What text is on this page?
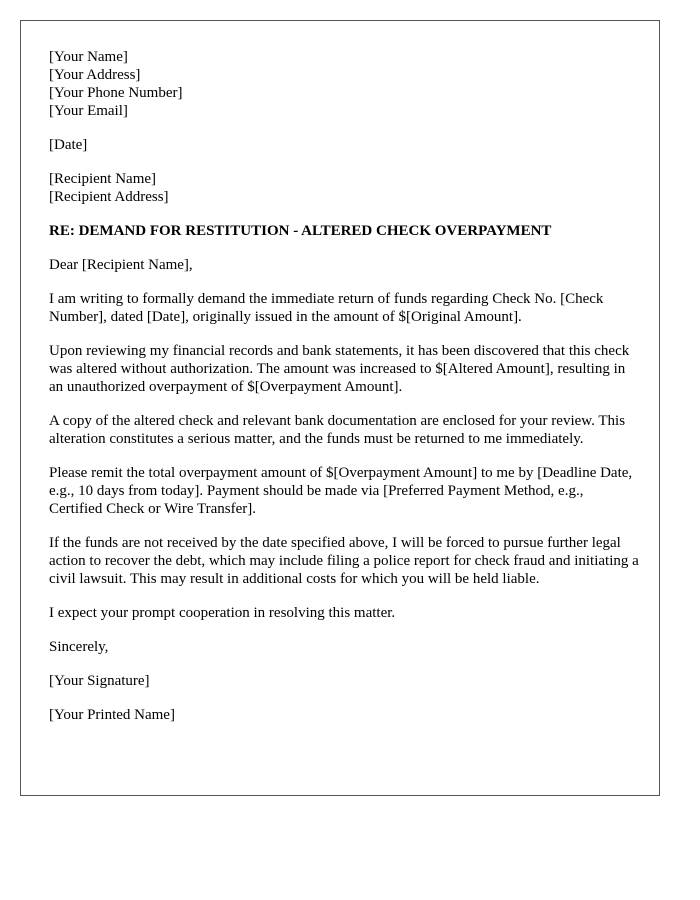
[Your Name]
[Your Address]
[Your Phone Number]
[Your Email]
[Date]
[Recipient Name]
[Recipient Address]
RE: DEMAND FOR RESTITUTION - ALTERED CHECK OVERPAYMENT

Dear [Recipient Name],

I am writing to formally demand the immediate return of funds regarding Check No. [Check Number], dated [Date], originally issued in the amount of $[Original Amount].

Upon reviewing my financial records and bank statements, it has been discovered that this check was altered without authorization. The amount was increased to $[Altered Amount], resulting in an unauthorized overpayment of $[Overpayment Amount].

A copy of the altered check and relevant bank documentation are enclosed for your review. This alteration constitutes a serious matter, and the funds must be returned to me immediately.

Please remit the total overpayment amount of $[Overpayment Amount] to me by [Deadline Date, e.g., 10 days from today]. Payment should be made via [Preferred Payment Method, e.g., Certified Check or Wire Transfer].

If the funds are not received by the date specified above, I will be forced to pursue further legal action to recover the debt, which may include filing a police report for check fraud and initiating a civil lawsuit. This may result in additional costs for which you will be held liable.

I expect your prompt cooperation in resolving this matter.

Sincerely,

[Your Signature]

[Your Printed Name]
